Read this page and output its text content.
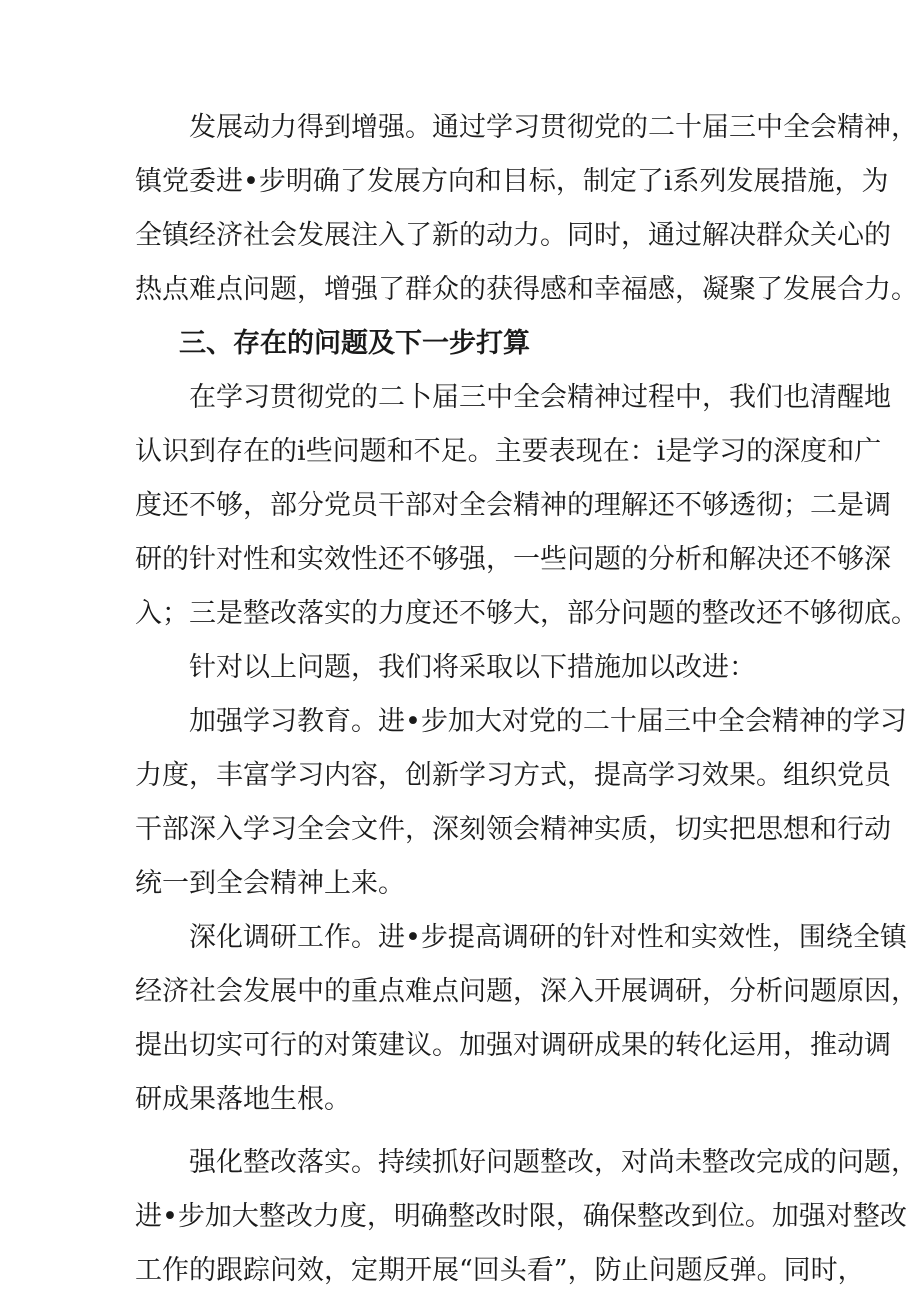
发展动力得到增强。通过学习贯彻党的二十届三中全会精神，
镇党委进•步明确了发展方向和目标，制定了i系列发展措施，为
全镇经济社会发展注入了新的动力。同时，通过解决群众关心的
热点难点问题，增强了群众的获得感和幸福感，凝聚了发展合力。
三、存在的问题及下一步打算
在学习贯彻党的二卜届三中全会精神过程中，我们也清醒地
认识到存在的i些问题和不足。主要表现在：i是学习的深度和广
度还不够，部分党员干部对全会精神的理解还不够透彻；二是调
研的针对性和实效性还不够强，一些问题的分析和解决还不够深
入；三是整改落实的力度还不够大，部分问题的整改还不够彻底。
针对以上问题，我们将采取以下措施加以改进：
加强学习教育。进•步加大对党的二十届三中全会精神的学习
力度，丰富学习内容，创新学习方式，提高学习效果。组织党员
干部深入学习全会文件，深刻领会精神实质，切实把思想和行动
统一到全会精神上来。
深化调研工作。进•步提高调研的针对性和实效性，围绕全镇
经济社会发展中的重点难点问题，深入开展调研，分析问题原因，
提出切实可行的对策建议。加强对调研成果的转化运用，推动调
研成果落地生根。
强化整改落实。持续抓好问题整改，对尚未整改完成的问题，
进•步加大整改力度，明确整改时限，确保整改到位。加强对整改
工作的跟踪问效，定期开展“回头看”，防止问题反弹。同时，
